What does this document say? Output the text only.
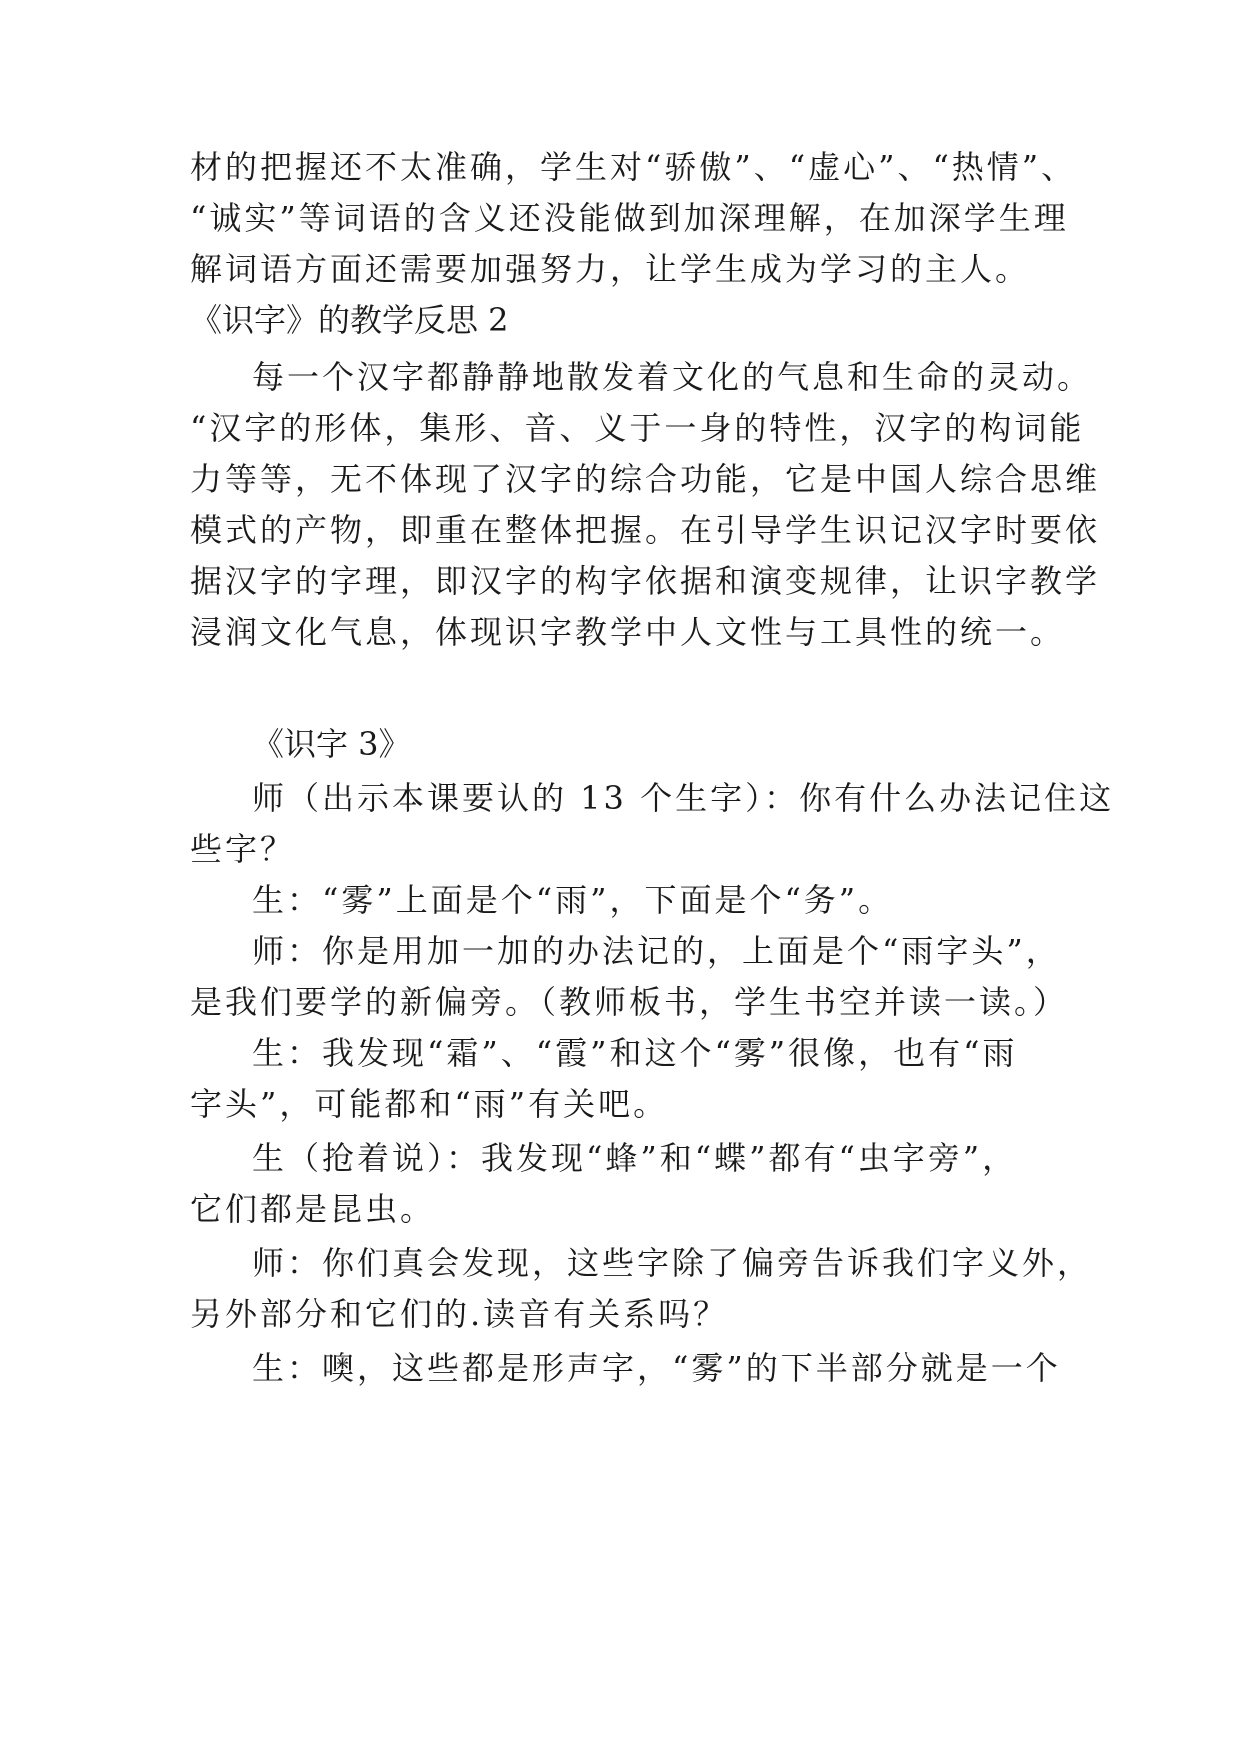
材的把握还不太准确，学生对“骄傲”、“虚心”、“热情”、
“诚实”等词语的含义还没能做到加深理解，在加深学生理
解词语方面还需要加强努力，让学生成为学习的主人。
《识字》的教学反思 2
每一个汉字都静静地散发着文化的气息和生命的灵动。
“汉字的形体，集形、音、义于一身的特性，汉字的构词能
力等等，无不体现了汉字的综合功能，它是中国人综合思维
模式的产物，即重在整体把握。在引导学生识记汉字时要依
据汉字的字理，即汉字的构字依据和演变规律，让识字教学
浸润文化气息，体现识字教学中人文性与工具性的统一。
《识字 3》
师（出示本课要认的 13 个生字）：你有什么办法记住这
些字？
生：“雾”上面是个“雨”，下面是个“务”。
师：你是用加一加的办法记的，上面是个“雨字头”，
是我们要学的新偏旁。（教师板书，学生书空并读一读。）
生：我发现“霜”、“霞”和这个“雾”很像，也有“雨
字头”，可能都和“雨”有关吧。
生（抢着说）：我发现“蜂”和“蝶”都有“虫字旁”，
它们都是昆虫。
师：你们真会发现，这些字除了偏旁告诉我们字义外，
另外部分和它们的.读音有关系吗？
生：噢，这些都是形声字，“雾”的下半部分就是一个
